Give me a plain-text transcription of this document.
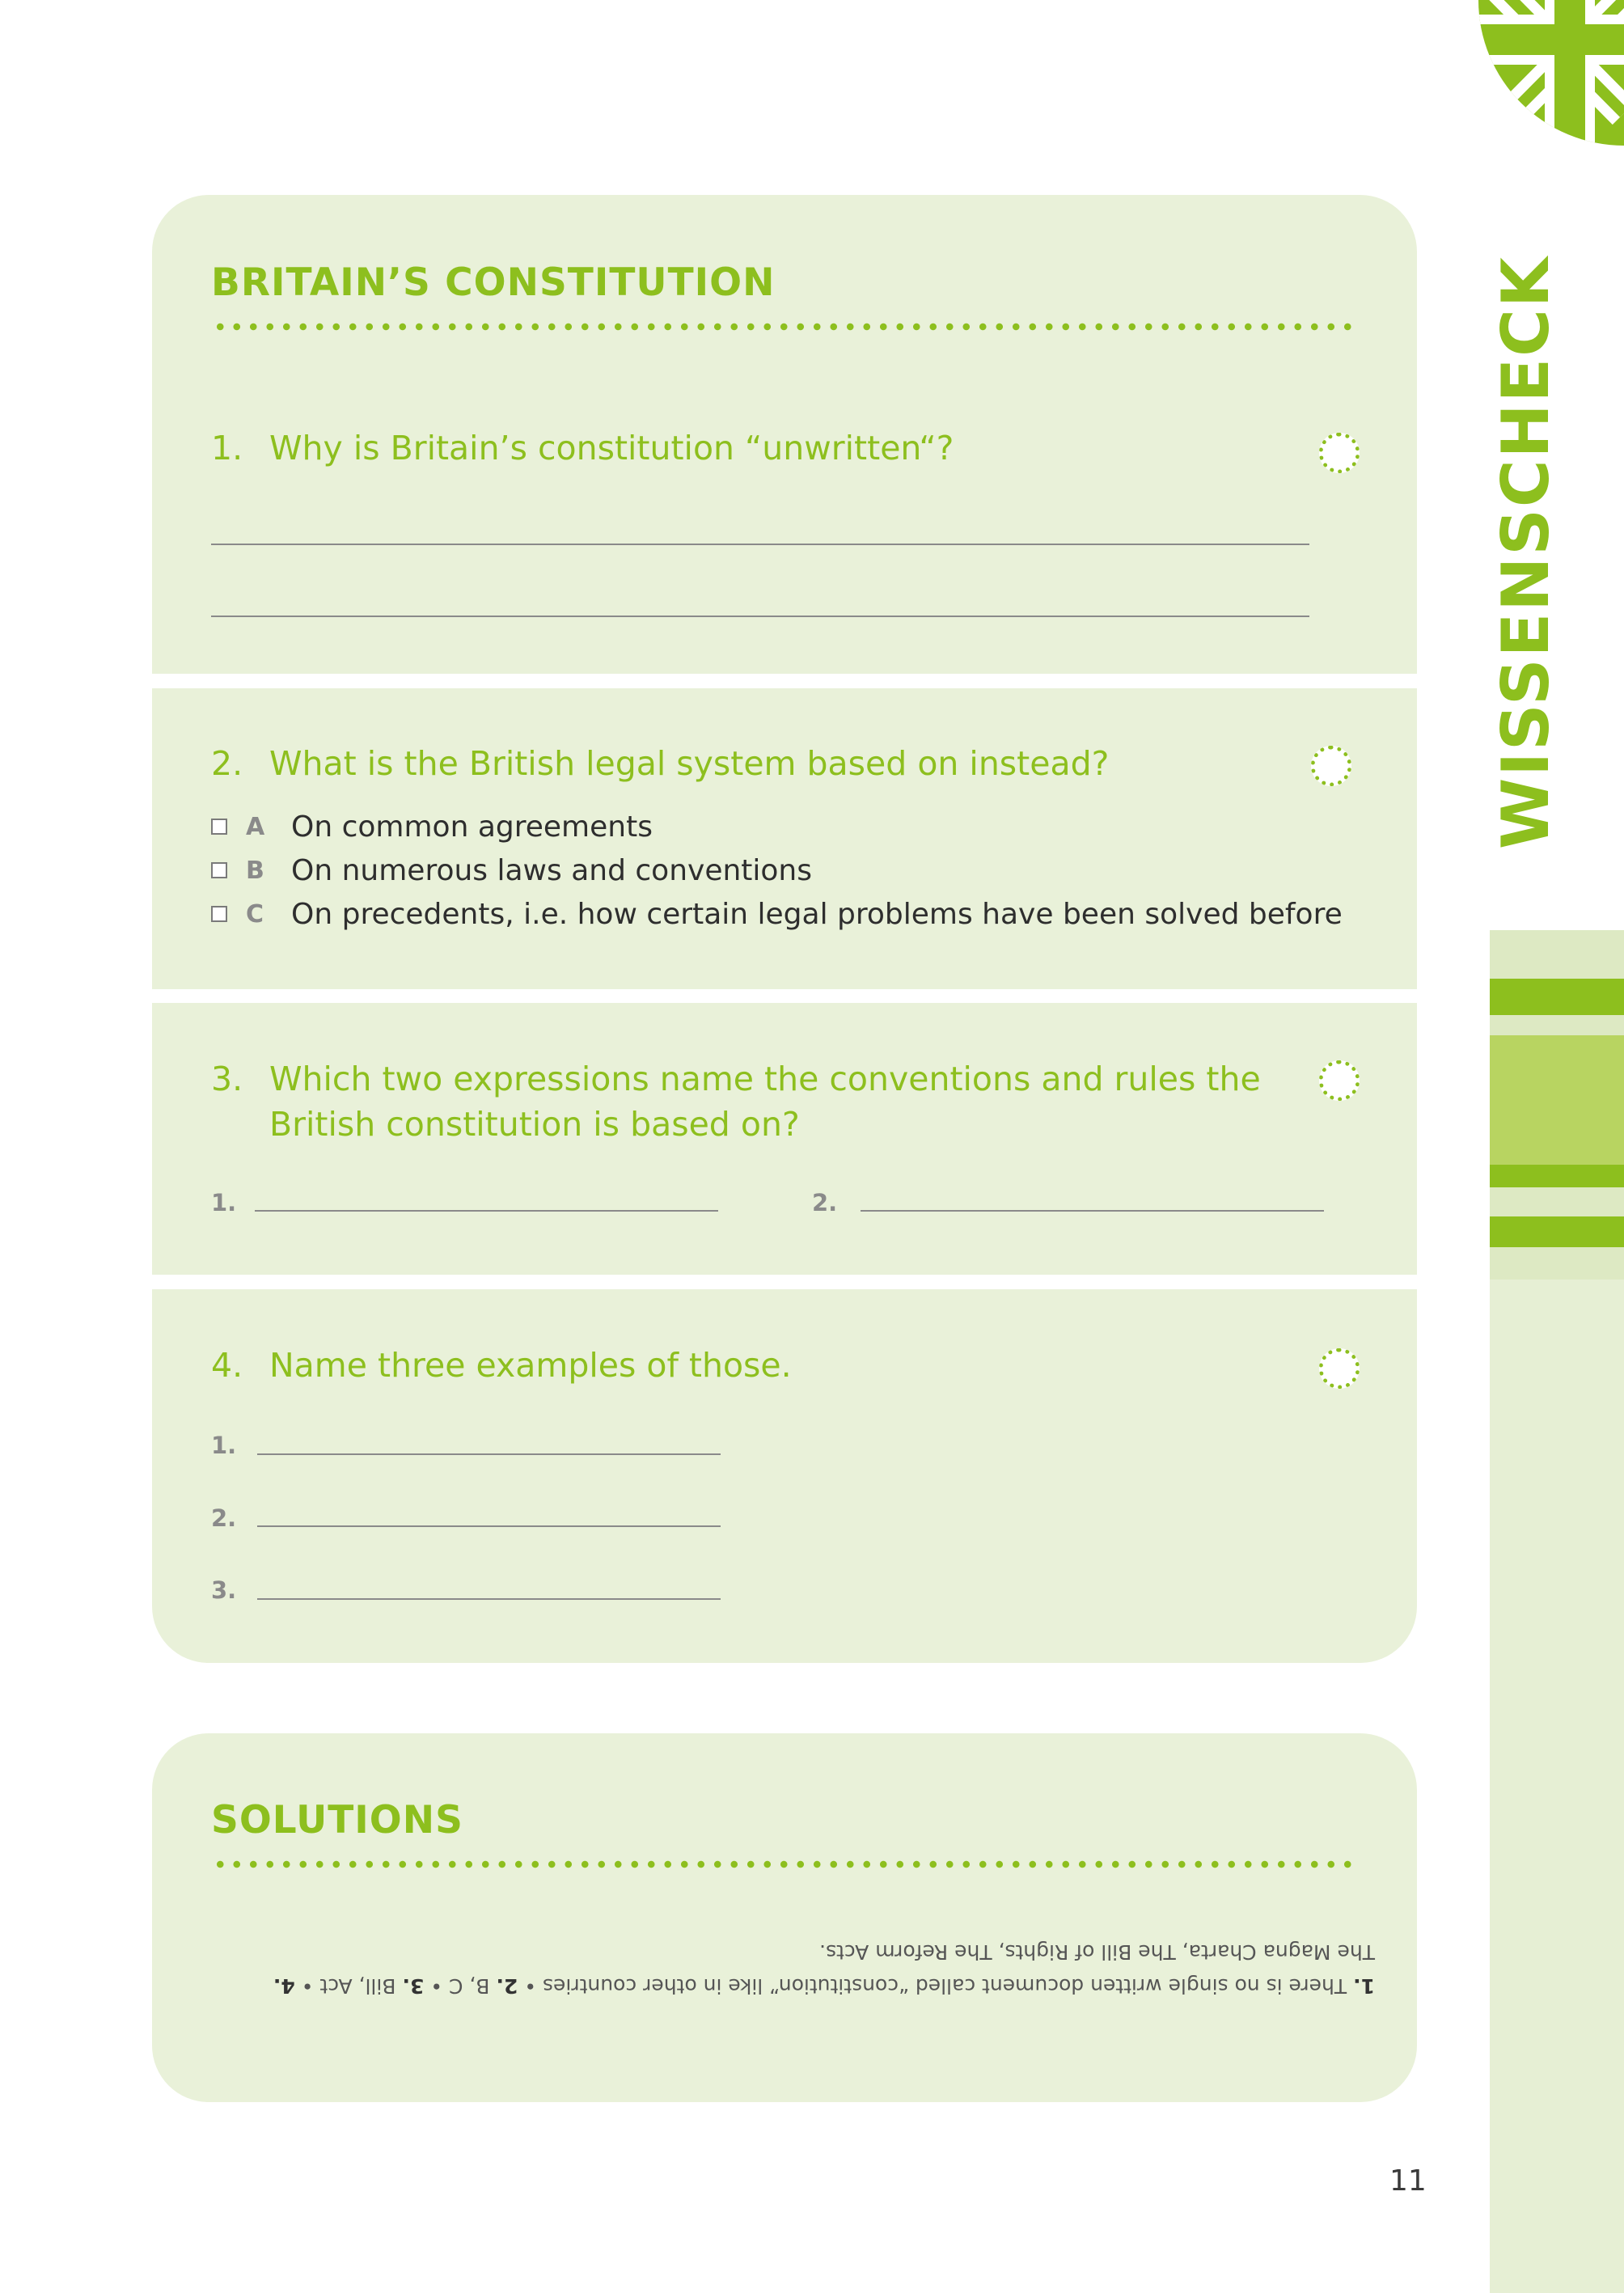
WISSENSCHECK
BRITAIN’S CONSTITUTION
1. Why is Britain’s constitution “unwritten“?
2. What is the British legal system based on instead?
A On common agreements
B On numerous laws and conventions
C On precedents, i.e. how certain legal problems have been solved before
3. Which two expressions name the conventions and rules the British constitution is based on?
1.	2.
4. Name three examples of those.
1.
2.
3.
SOLUTIONS
1. There is no single written document called “constitution” like in other countries • 2. B, C • 3. Bill, Act • 4. The Magna Charta, The Bill of Rights, The Reform Acts.
11
